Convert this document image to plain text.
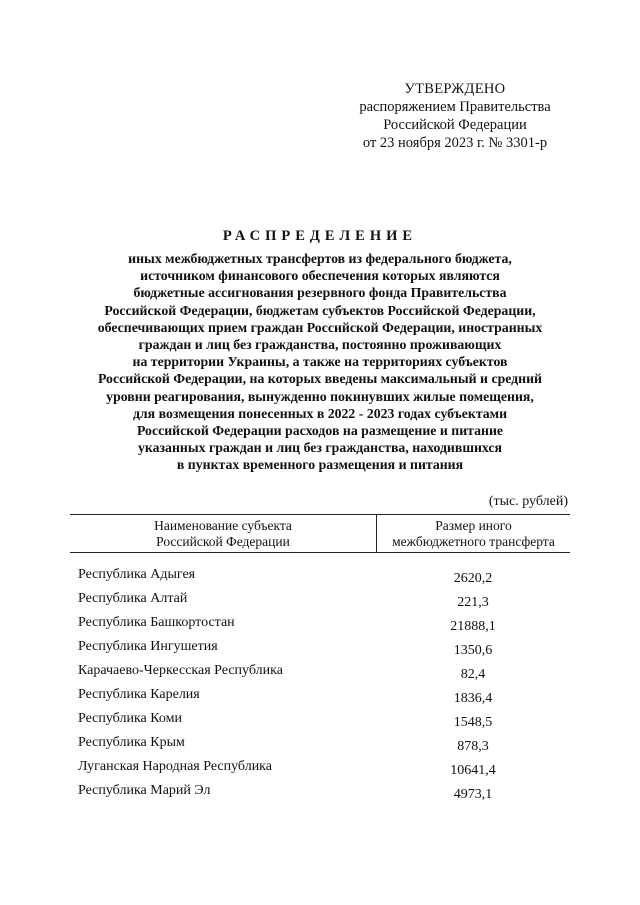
УТВЕРЖДЕНО
распоряжением Правительства
Российской Федерации
от 23 ноября 2023 г. № 3301-р
РАСПРЕДЕЛЕНИЕ
иных межбюджетных трансфертов из федерального бюджета,
источником финансового обеспечения которых являются
бюджетные ассигнования резервного фонда Правительства
Российской Федерации, бюджетам субъектов Российской Федерации,
обеспечивающих прием граждан Российской Федерации, иностранных
граждан и лиц без гражданства, постоянно проживающих
на территории Украины, а также на территориях субъектов
Российской Федерации, на которых введены максимальный и средний
уровни реагирования, вынужденно покинувших жилые помещения,
для возмещения понесенных в 2022 - 2023 годах субъектами
Российской Федерации расходов на размещение и питание
указанных граждан и лиц без гражданства, находившихся
в пунктах временного размещения и питания
(тыс. рублей)
Наименование субъекта
Российской Федерации
Размер иного
межбюджетного трансферта
Республика Адыгея	2620,2
Республика Алтай	221,3
Республика Башкортостан	21888,1
Республика Ингушетия	1350,6
Карачаево-Черкесская Республика	82,4
Республика Карелия	1836,4
Республика Коми	1548,5
Республика Крым	878,3
Луганская Народная Республика	10641,4
Республика Марий Эл	4973,1
